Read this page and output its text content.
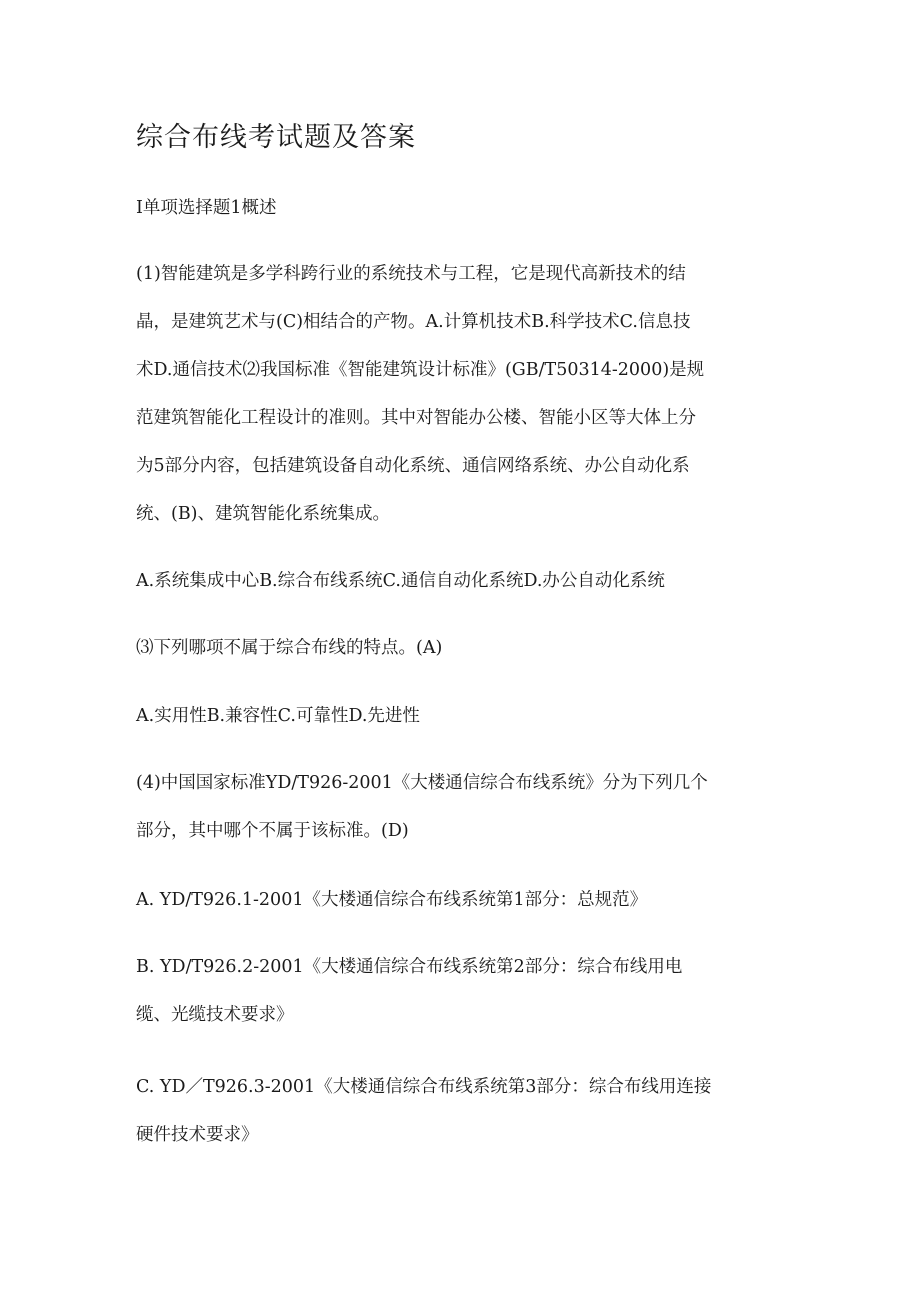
综合布线考试题及答案
I单项选择题1概述
(1)智能建筑是多学科跨行业的系统技术与工程，它是现代高新技术的结
晶，是建筑艺术与(C)相结合的产物。A.计算机技术B.科学技术C.信息技
术D.通信技术⑵我国标准《智能建筑设计标准》(GB/T50314-2000)是规
范建筑智能化工程设计的准则。其中对智能办公楼、智能小区等大体上分
为5部分内容，包括建筑设备自动化系统、通信网络系统、办公自动化系
统、(B)、建筑智能化系统集成。
A.系统集成中心B.综合布线系统C.通信自动化系统D.办公自动化系统
⑶下列哪项不属于综合布线的特点。(A)
A.实用性B.兼容性C.可靠性D.先进性
(4)中国国家标准YD/T926-2001《大楼通信综合布线系统》分为下列几个
部分，其中哪个不属于该标准。(D)
A. YD/T926.1-2001《大楼通信综合布线系统第1部分：总规范》
B. YD/T926.2-2001《大楼通信综合布线系统第2部分：综合布线用电
缆、光缆技术要求》
C. YD／T926.3-2001《大楼通信综合布线系统第3部分：综合布线用连接
硬件技术要求》
